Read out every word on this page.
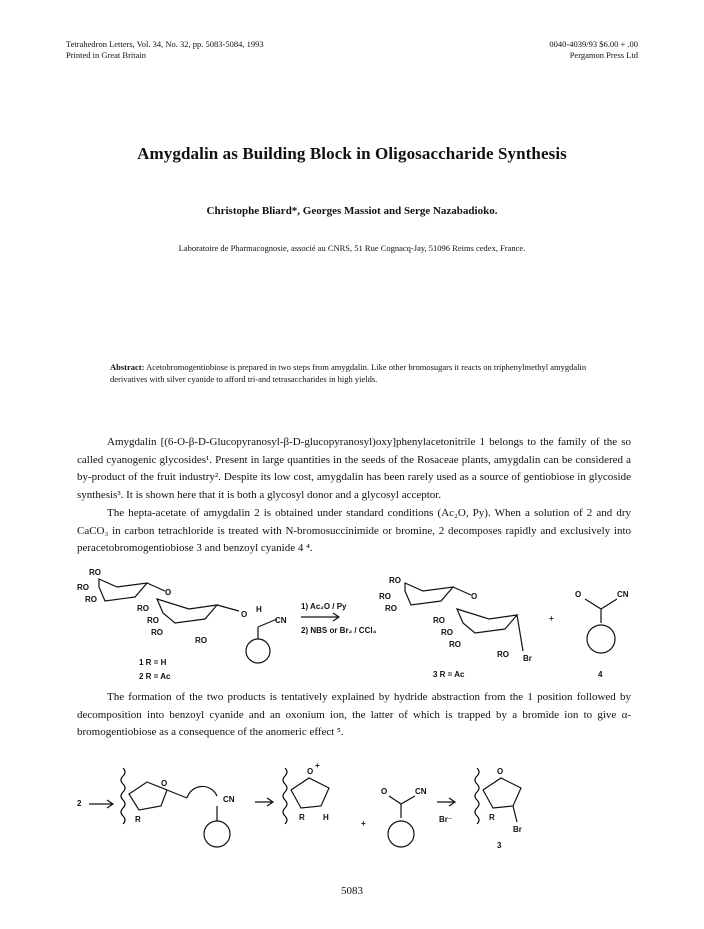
Tetrahedron Letters, Vol. 34, No. 32, pp. 5083-5084, 1993
Printed in Great Britain
0040-4039/93 $6.00 + .00
Pergamon Press Ltd
Amygdalin as Building Block in Oligosaccharide Synthesis
Christophe Bliard*, Georges Massiot and Serge Nazabadioko.
Laboratoire de Pharmacognosie, associé au CNRS, 51 Rue Cognacq-Jay, 51096 Reims cedex, France.
Abstract: Acetobromogentiobiose is prepared in two steps from amygdalin. Like other bromosugars it reacts on triphenylmethyl amygdalin derivatives with silver cyanide to afford tri-and tetrasaccharides in high yields.
Amygdalin [(6-O-β-D-Glucopyranosyl-β-D-glucopyranosyl)oxy]phenylacetonitrile 1 belongs to the family of the so called cyanogenic glycosides¹. Present in large quantities in the seeds of the Rosaceae plants, amygdalin can be considered a by-product of the fruit industry². Despite its low cost, amygdalin has been rarely used as a source of gentiobiose in glycoside synthesis³. It is shown here that it is both a glycosyl donor and a glycosyl acceptor.
The hepta-acetate of amygdalin 2 is obtained under standard conditions (Ac₂O, Py). When a solution of 2 and dry CaCO₃ in carbon tetrachloride is treated with N-bromosuccinimide or bromine, 2 decomposes rapidly and exclusively into peracetobromogentiobiose 3 and benzoyl cyanide 4 ⁴.
RO
RO
RO
O
RO
RO
RO
RO
O
H
CN
1 R = H
2 R = Ac
1) Ac₂O / Py
2) NBS or Br₂ / CCl₄
RO
RO
RO
O
RO
RO
RO
RO Br
3 R = Ac
+
O	CN
4
The formation of the two products is tentatively explained by hydride abstraction from the 1 position followed by decomposition into benzoyl cyanide and an oxonium ion, the latter of which is trapped by a bromide ion to give α-bromogentiobiose as a consequence of the anomeric effect ⁵.
2
O
R
CN
O
+
R H
+
O	CN
Br⁻
O
R
Br
3
5083
